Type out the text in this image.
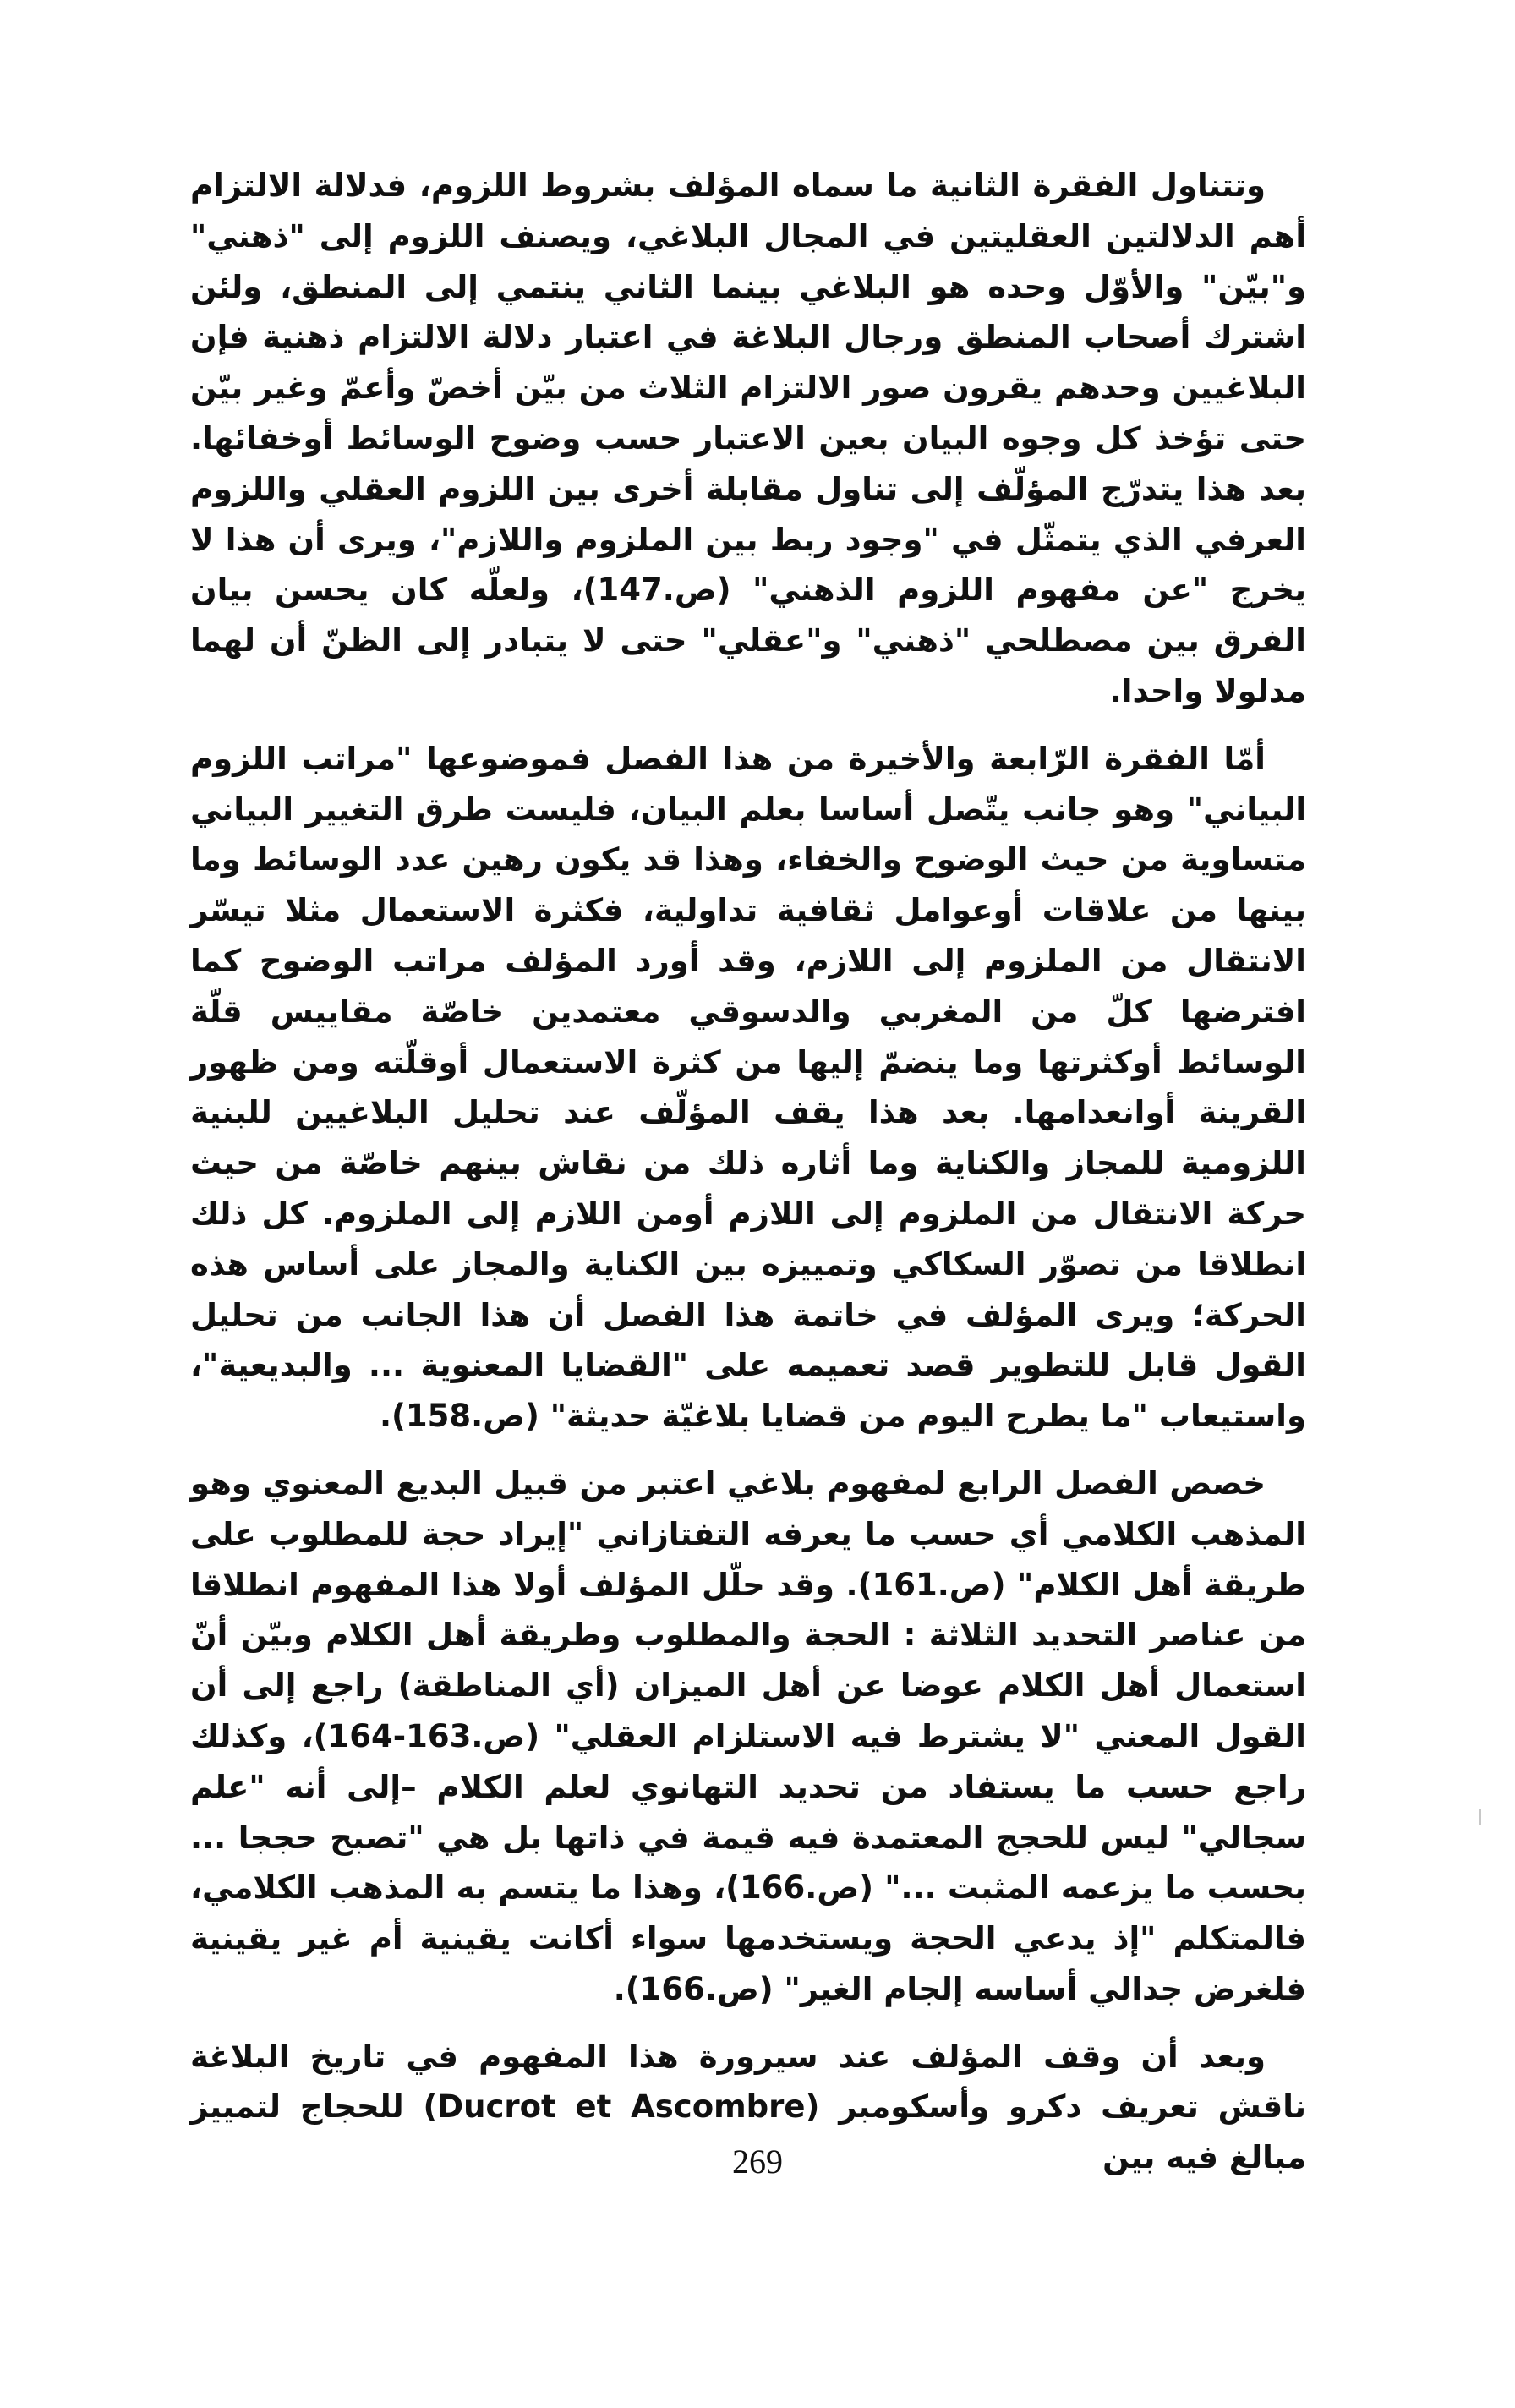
وتتناول الفقرة الثانية ما سماه المؤلف بشروط اللزوم، فدلالة الالتزام أهم الدلالتين العقليتين في المجال البلاغي، ويصنف اللزوم إلى "ذهني" و"بيّن" والأوّل وحده هو البلاغي بينما الثاني ينتمي إلى المنطق، ولئن اشترك أصحاب المنطق ورجال البلاغة في اعتبار دلالة الالتزام ذهنية فإن البلاغيين وحدهم يقرون صور الالتزام الثلاث من بيّن أخصّ وأعمّ وغير بيّن حتى تؤخذ كل وجوه البيان بعين الاعتبار حسب وضوح الوسائط أوخفائها. بعد هذا يتدرّج المؤلّف إلى تناول مقابلة أخرى بين اللزوم العقلي واللزوم العرفي الذي يتمثّل في "وجود ربط بين الملزوم واللازم"، ويرى أن هذا لا يخرج "عن مفهوم اللزوم الذهني" (ص.147)، ولعلّه كان يحسن بيان الفرق بين مصطلحي "ذهني" و"عقلي" حتى لا يتبادر إلى الظنّ أن لهما مدلولا واحدا.

أمّا الفقرة الرّابعة والأخيرة من هذا الفصل فموضوعها "مراتب اللزوم البياني" وهو جانب يتّصل أساسا بعلم البيان، فليست طرق التغيير البياني متساوية من حيث الوضوح والخفاء، وهذا قد يكون رهين عدد الوسائط وما بينها من علاقات أوعوامل ثقافية تداولية، فكثرة الاستعمال مثلا تيسّر الانتقال من الملزوم إلى اللازم، وقد أورد المؤلف مراتب الوضوح كما افترضها كلّ من المغربي والدسوقي معتمدين خاصّة مقاييس قلّة الوسائط أوكثرتها وما ينضمّ إليها من كثرة الاستعمال أوقلّته ومن ظهور القرينة أوانعدامها. بعد هذا يقف المؤلّف عند تحليل البلاغيين للبنية اللزومية للمجاز والكناية وما أثاره ذلك من نقاش بينهم خاصّة من حيث حركة الانتقال من الملزوم إلى اللازم أومن اللازم إلى الملزوم. كل ذلك انطلاقا من تصوّر السكاكي وتمييزه بين الكناية والمجاز على أساس هذه الحركة؛ ويرى المؤلف في خاتمة هذا الفصل أن هذا الجانب من تحليل القول قابل للتطوير قصد تعميمه على "القضايا المعنوية ... والبديعية"، واستيعاب "ما يطرح اليوم من قضايا بلاغيّة حديثة" (ص.158).

خصص الفصل الرابع لمفهوم بلاغي اعتبر من قبيل البديع المعنوي وهو المذهب الكلامي أي حسب ما يعرفه التفتازاني "إيراد حجة للمطلوب على طريقة أهل الكلام" (ص.161). وقد حلّل المؤلف أولا هذا المفهوم انطلاقا من عناصر التحديد الثلاثة : الحجة والمطلوب وطريقة أهل الكلام وبيّن أنّ استعمال أهل الكلام عوضا عن أهل الميزان (أي المناطقة) راجع إلى أن القول المعني "لا يشترط فيه الاستلزام العقلي" (ص.163-164)، وكذلك راجع حسب ما يستفاد من تحديد التهانوي لعلم الكلام –إلى أنه "علم سجالي" ليس للحجج المعتمدة فيه قيمة في ذاتها بل هي "تصبح حججا ... بحسب ما يزعمه المثبت ..." (ص.166)، وهذا ما يتسم به المذهب الكلامي، فالمتكلم "إذ يدعي الحجة ويستخدمها سواء أكانت يقينية أم غير يقينية فلغرض جدالي أساسه إلجام الغير" (ص.166).

وبعد أن وقف المؤلف عند سيرورة هذا المفهوم في تاريخ البلاغة ناقش تعريف دكرو وأسكومبر (Ducrot et Ascombre) للحجاج لتمييز مبالغ فيه بين

269
